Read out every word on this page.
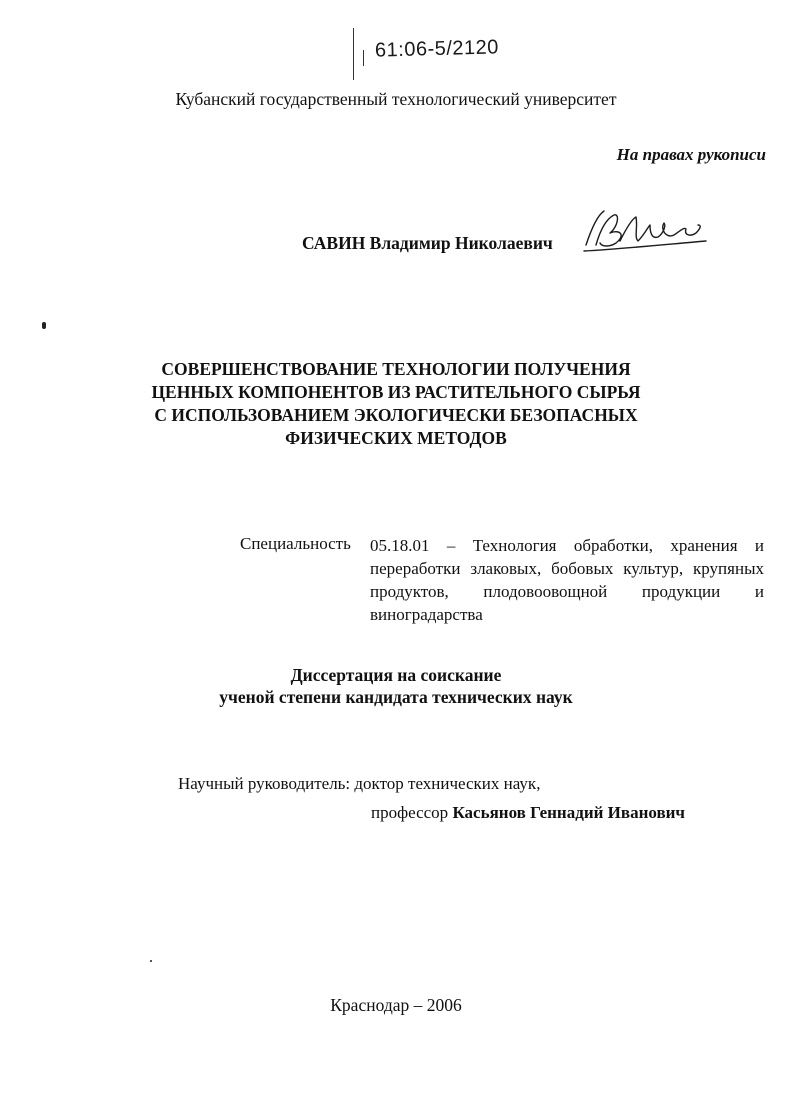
61:06-5/2120
Кубанский государственный технологический университет
На правах рукописи
САВИН Владимир Николаевич
СОВЕРШЕНСТВОВАНИЕ ТЕХНОЛОГИИ ПОЛУЧЕНИЯ
ЦЕННЫХ КОМПОНЕНТОВ ИЗ РАСТИТЕЛЬНОГО СЫРЬЯ
С ИСПОЛЬЗОВАНИЕМ ЭКОЛОГИЧЕСКИ БЕЗОПАСНЫХ
ФИЗИЧЕСКИХ МЕТОДОВ
Специальность 05.18.01 – Технология обработки, хранения и переработки злаковых, бобовых культур, крупяных продуктов, плодовоовощной продукции и виноградарства
Диссертация на соискание
ученой степени кандидата технических наук
Научный руководитель: доктор технических наук,
профессор Касьянов Геннадий Иванович
Краснодар – 2006
